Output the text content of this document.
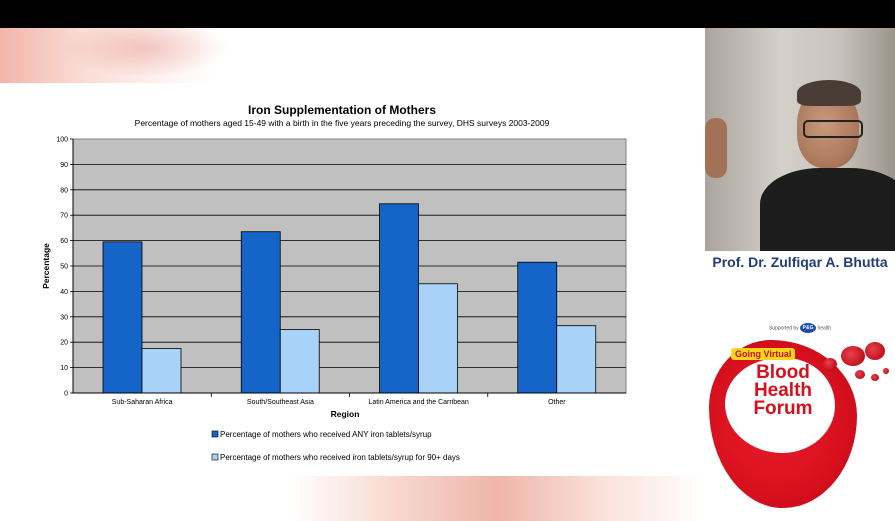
Iron Supplementation of Mothers
Percentage of mothers aged 15-49 with a birth in the five years preceding the survey, DHS surveys 2003-2009
0
10
20
30
40
50
60
70
80
90
100
Sub-Saharan Africa	South/Southeast Asia	Latin America and the Carribean	Other
Region
Percentage
Percentage of mothers who received ANY iron tablets/syrup
Percentage of mothers who received iron tablets/syrup for 90+ days
Prof. Dr. Zulfiqar A. Bhutta
Supported by P&G health
Going Virtual
Blood
Health
Forum
